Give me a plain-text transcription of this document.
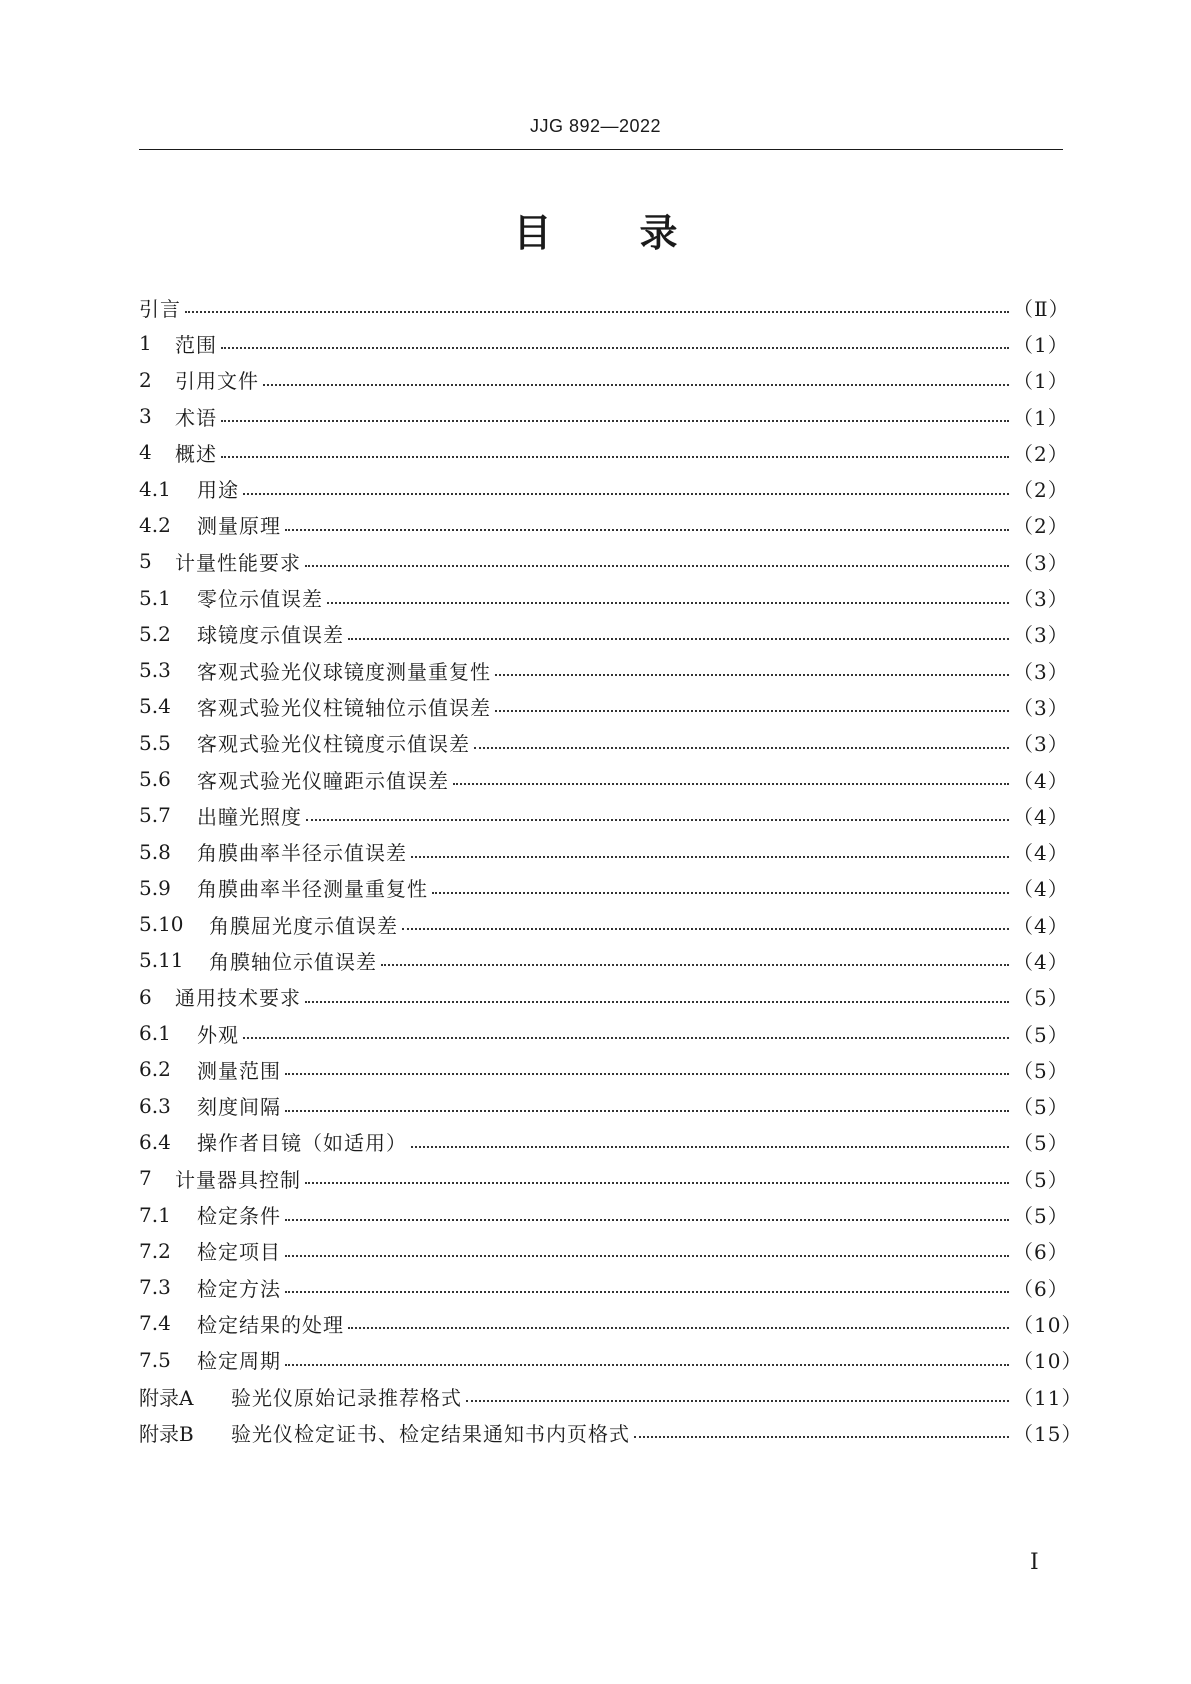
JJG 892—2022
目 录
引言	（Ⅱ）
1	范围	（1）
2	引用文件	（1）
3	术语	（1）
4	概述	（2）
4.1	用途	（2）
4.2	测量原理	（2）
5	计量性能要求	（3）
5.1	零位示值误差	（3）
5.2	球镜度示值误差	（3）
5.3	客观式验光仪球镜度测量重复性	（3）
5.4	客观式验光仪柱镜轴位示值误差	（3）
5.5	客观式验光仪柱镜度示值误差	（3）
5.6	客观式验光仪瞳距示值误差	（4）
5.7	出瞳光照度	（4）
5.8	角膜曲率半径示值误差	（4）
5.9	角膜曲率半径测量重复性	（4）
5.10	角膜屈光度示值误差	（4）
5.11	角膜轴位示值误差	（4）
6	通用技术要求	（5）
6.1	外观	（5）
6.2	测量范围	（5）
6.3	刻度间隔	（5）
6.4	操作者目镜（如适用）	（5）
7	计量器具控制	（5）
7.1	检定条件	（5）
7.2	检定项目	（6）
7.3	检定方法	（6）
7.4	检定结果的处理	（10）
7.5	检定周期	（10）
附录A	验光仪原始记录推荐格式	（11）
附录B	验光仪检定证书、检定结果通知书内页格式	（15）
I
